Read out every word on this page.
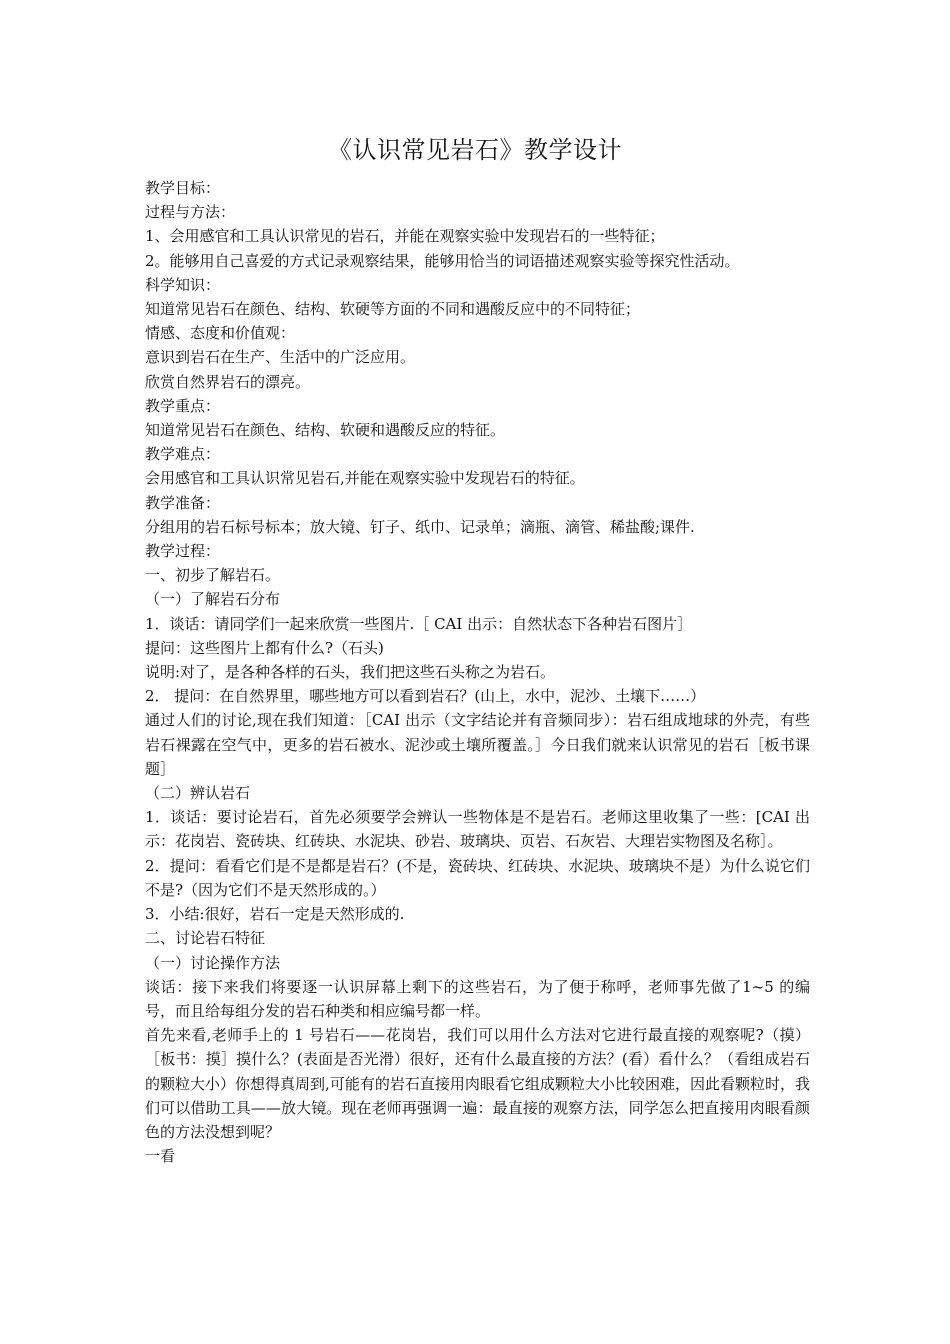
《认识常见岩石》教学设计

教学目标：

过程与方法：

1、会用感官和工具认识常见的岩石，并能在观察实验中发现岩石的一些特征；

2。能够用自己喜爱的方式记录观察结果，能够用恰当的词语描述观察实验等探究性活动。

科学知识：

知道常见岩石在颜色、结构、软硬等方面的不同和遇酸反应中的不同特征；

情感、态度和价值观：

意识到岩石在生产、生活中的广泛应用。

欣赏自然界岩石的漂亮。

教学重点：

知道常见岩石在颜色、结构、软硬和遇酸反应的特征。

教学难点：

会用感官和工具认识常见岩石,并能在观察实验中发现岩石的特征。

教学准备：

分组用的岩石标号标本；放大镜、钉子、纸巾、记录单；滴瓶、滴管、稀盐酸;课件.

教学过程：

一、初步了解岩石。

（一）了解岩石分布

1．谈话：请同学们一起来欣赏一些图片.［ CAI 出示：自然状态下各种岩石图片］

提问：这些图片上都有什么?（石头)

说明:对了，是各种各样的石头，我们把这些石头称之为岩石。

2． 提问：在自然界里，哪些地方可以看到岩石？(山上，水中，泥沙、土壤下……）

通过人们的讨论,现在我们知道：［CAI 出示（文字结论并有音频同步）：岩石组成地球的外壳，有些岩石裸露在空气中，更多的岩石被水、泥沙或土壤所覆盖。］今日我们就来认识常见的岩石［板书课题］

（二）辨认岩石

1．谈话：要讨论岩石，首先必须要学会辨认一些物体是不是岩石。老师这里收集了一些：[CAI 出示：花岗岩、瓷砖块、红砖块、水泥块、砂岩、玻璃块、页岩、石灰岩、大理岩实物图及名称］。

2．提问：看看它们是不是都是岩石？(不是，瓷砖块、红砖块、水泥块、玻璃块不是）为什么说它们不是?（因为它们不是天然形成的。）

3．小结:很好，岩石一定是天然形成的.

二、讨论岩石特征

（一）讨论操作方法

谈话：接下来我们将要逐一认识屏幕上剩下的这些岩石，为了便于称呼，老师事先做了1~5 的编号，而且给每组分发的岩石种类和相应编号都一样。

首先来看,老师手上的 1 号岩石——花岗岩，我们可以用什么方法对它进行最直接的观察呢?（摸）［板书：摸］摸什么？(表面是否光滑）很好，还有什么最直接的方法？(看）看什么？（看组成岩石的颗粒大小）你想得真周到,可能有的岩石直接用肉眼看它组成颗粒大小比较困难，因此看颗粒时，我们可以借助工具——放大镜。现在老师再强调一遍：最直接的观察方法，同学怎么把直接用肉眼看颜色的方法没想到呢？

一看
